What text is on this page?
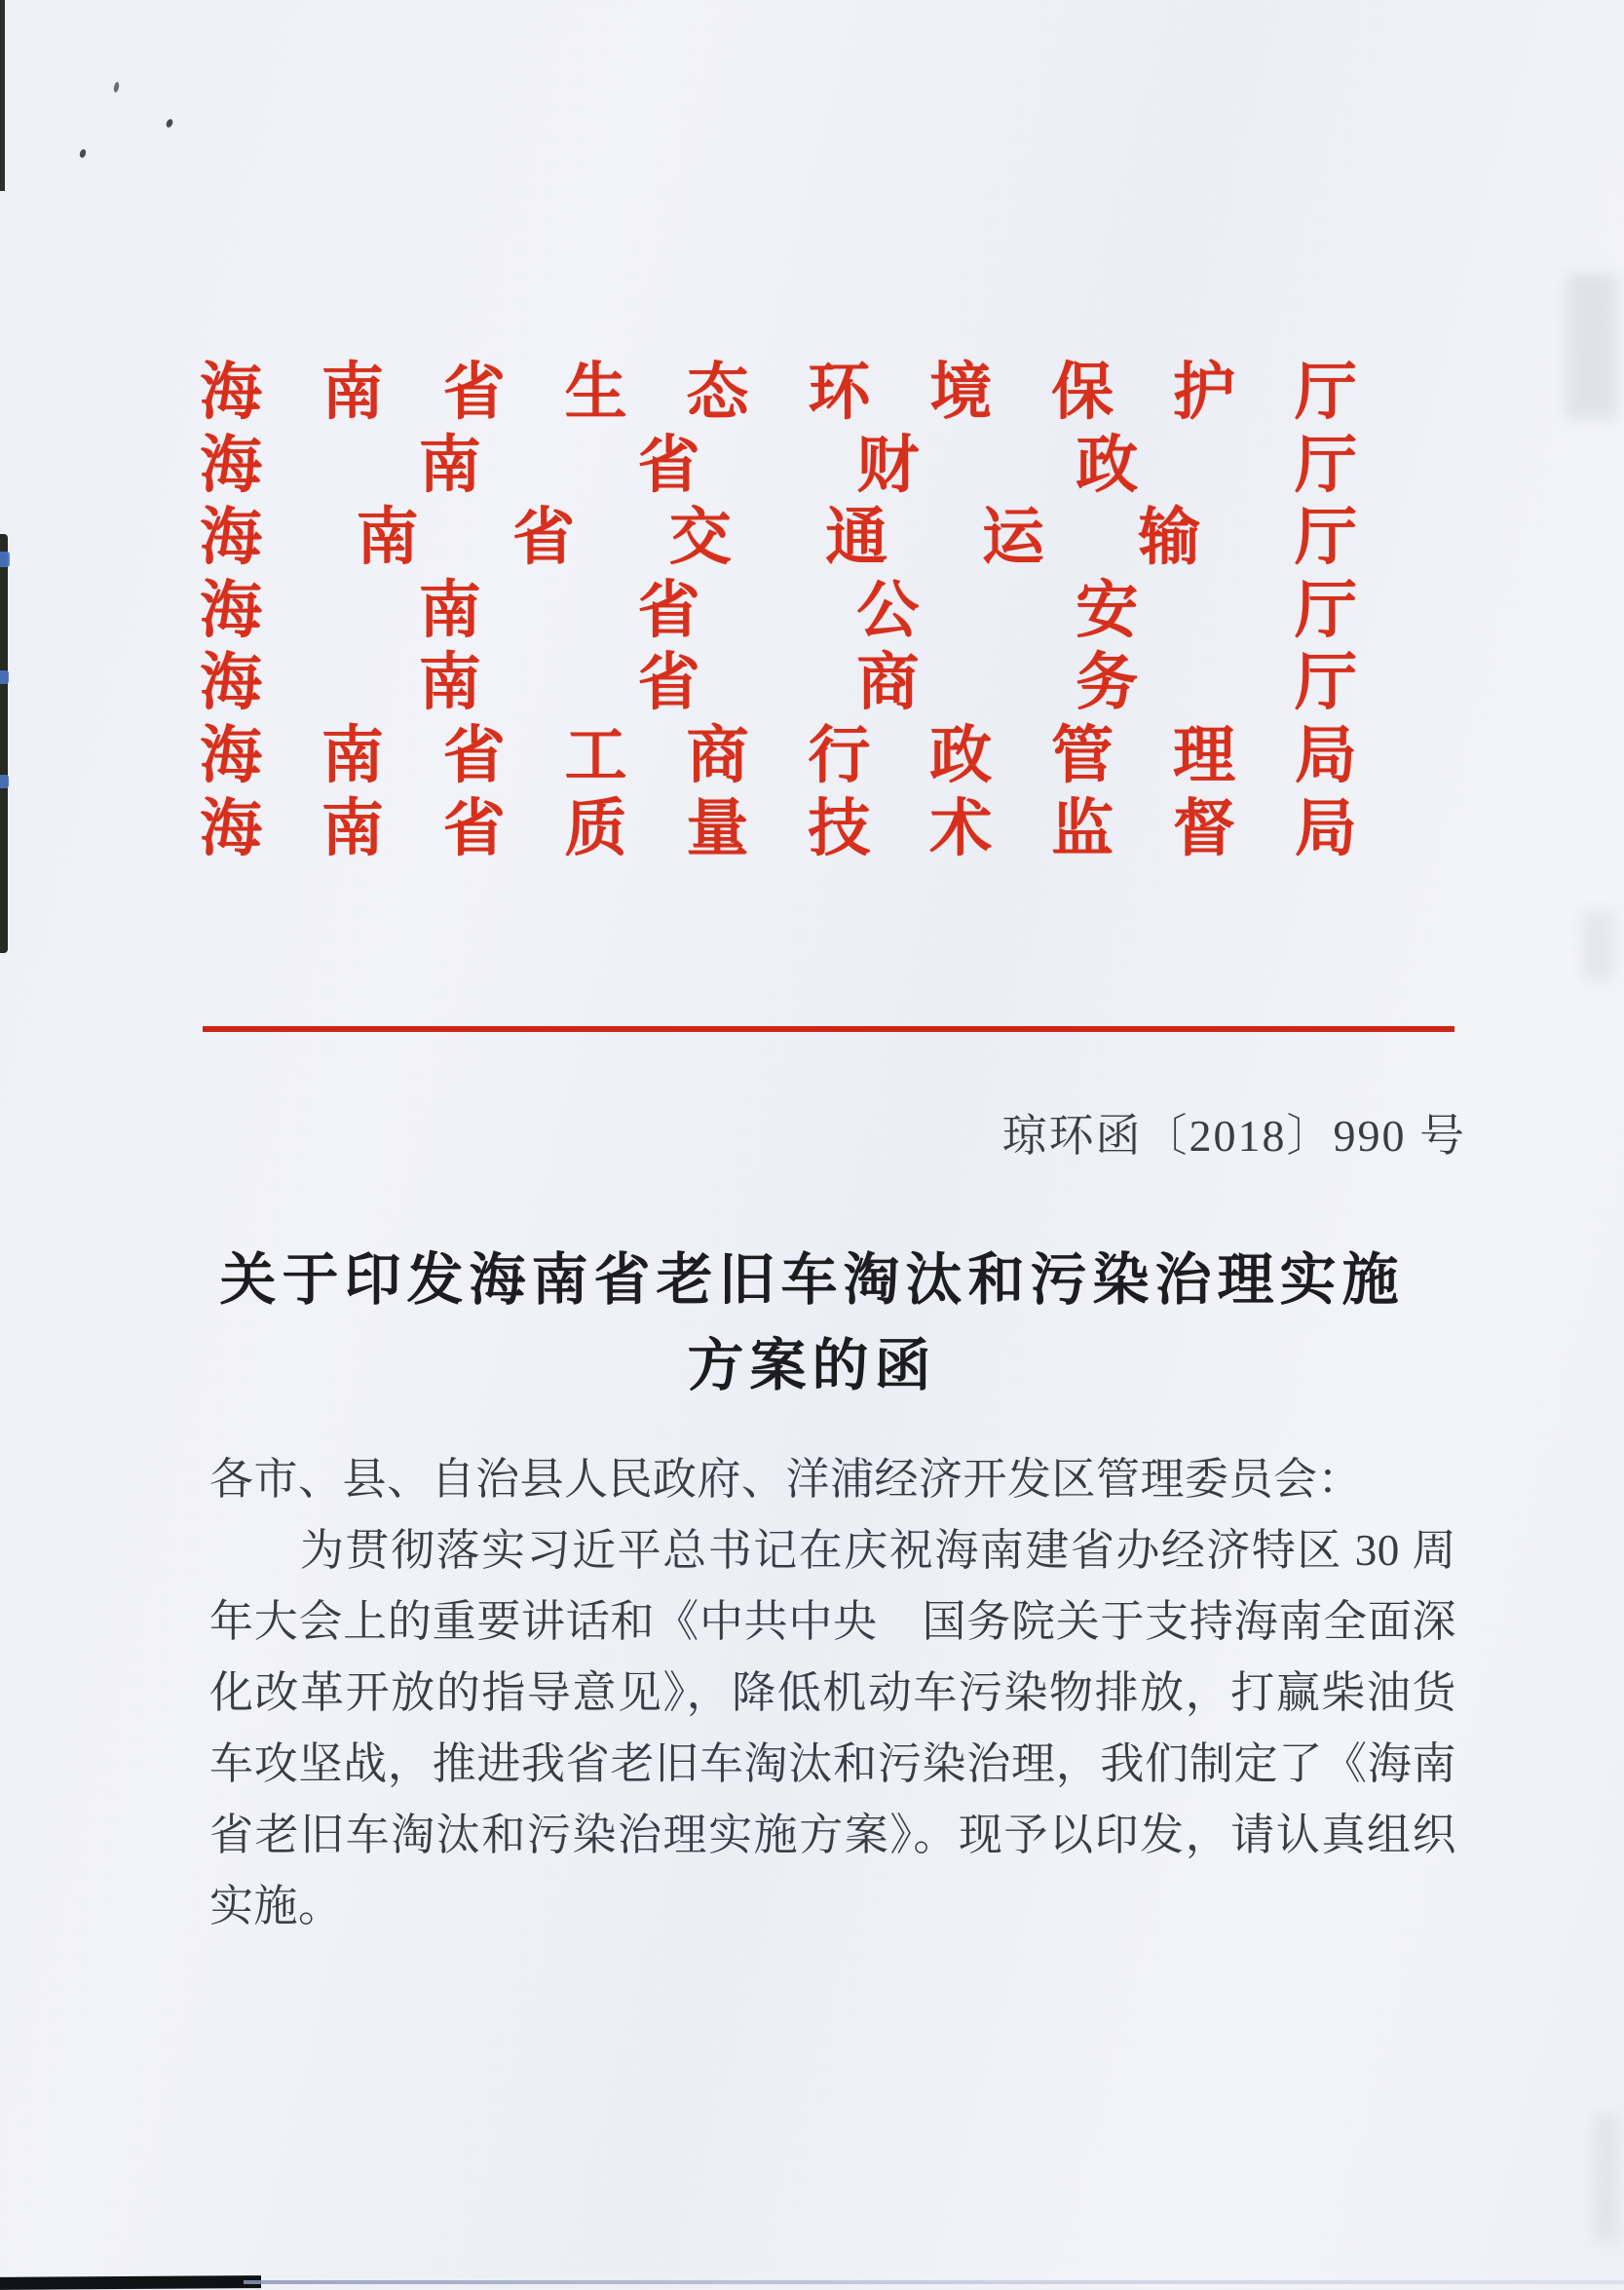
海 南 省 生 态 环 境 保 护 厅
海	南	省	财	政	厅
海 南 省 交 通 运 输 厅
海	南	省	公	安	厅
海	南	省	商	务	厅
海 南 省 工 商 行 政 管 理 局
海 南 省 质 量 技 术 监 督 局
琼环函〔2018〕990 号
关于印发海南省老旧车淘汰和污染治理实施
方案的函
各市、县、自治县人民政府、洋浦经济开发区管理委员会：
　　为贯彻落实习近平总书记在庆祝海南建省办经济特区 30 周
年大会上的重要讲话和《中共中央　国务院关于支持海南全面深
化改革开放的指导意见》，降低机动车污染物排放，打赢柴油货
车攻坚战，推进我省老旧车淘汰和污染治理，我们制定了《海南
省老旧车淘汰和污染治理实施方案》。现予以印发，请认真组织
实施。
